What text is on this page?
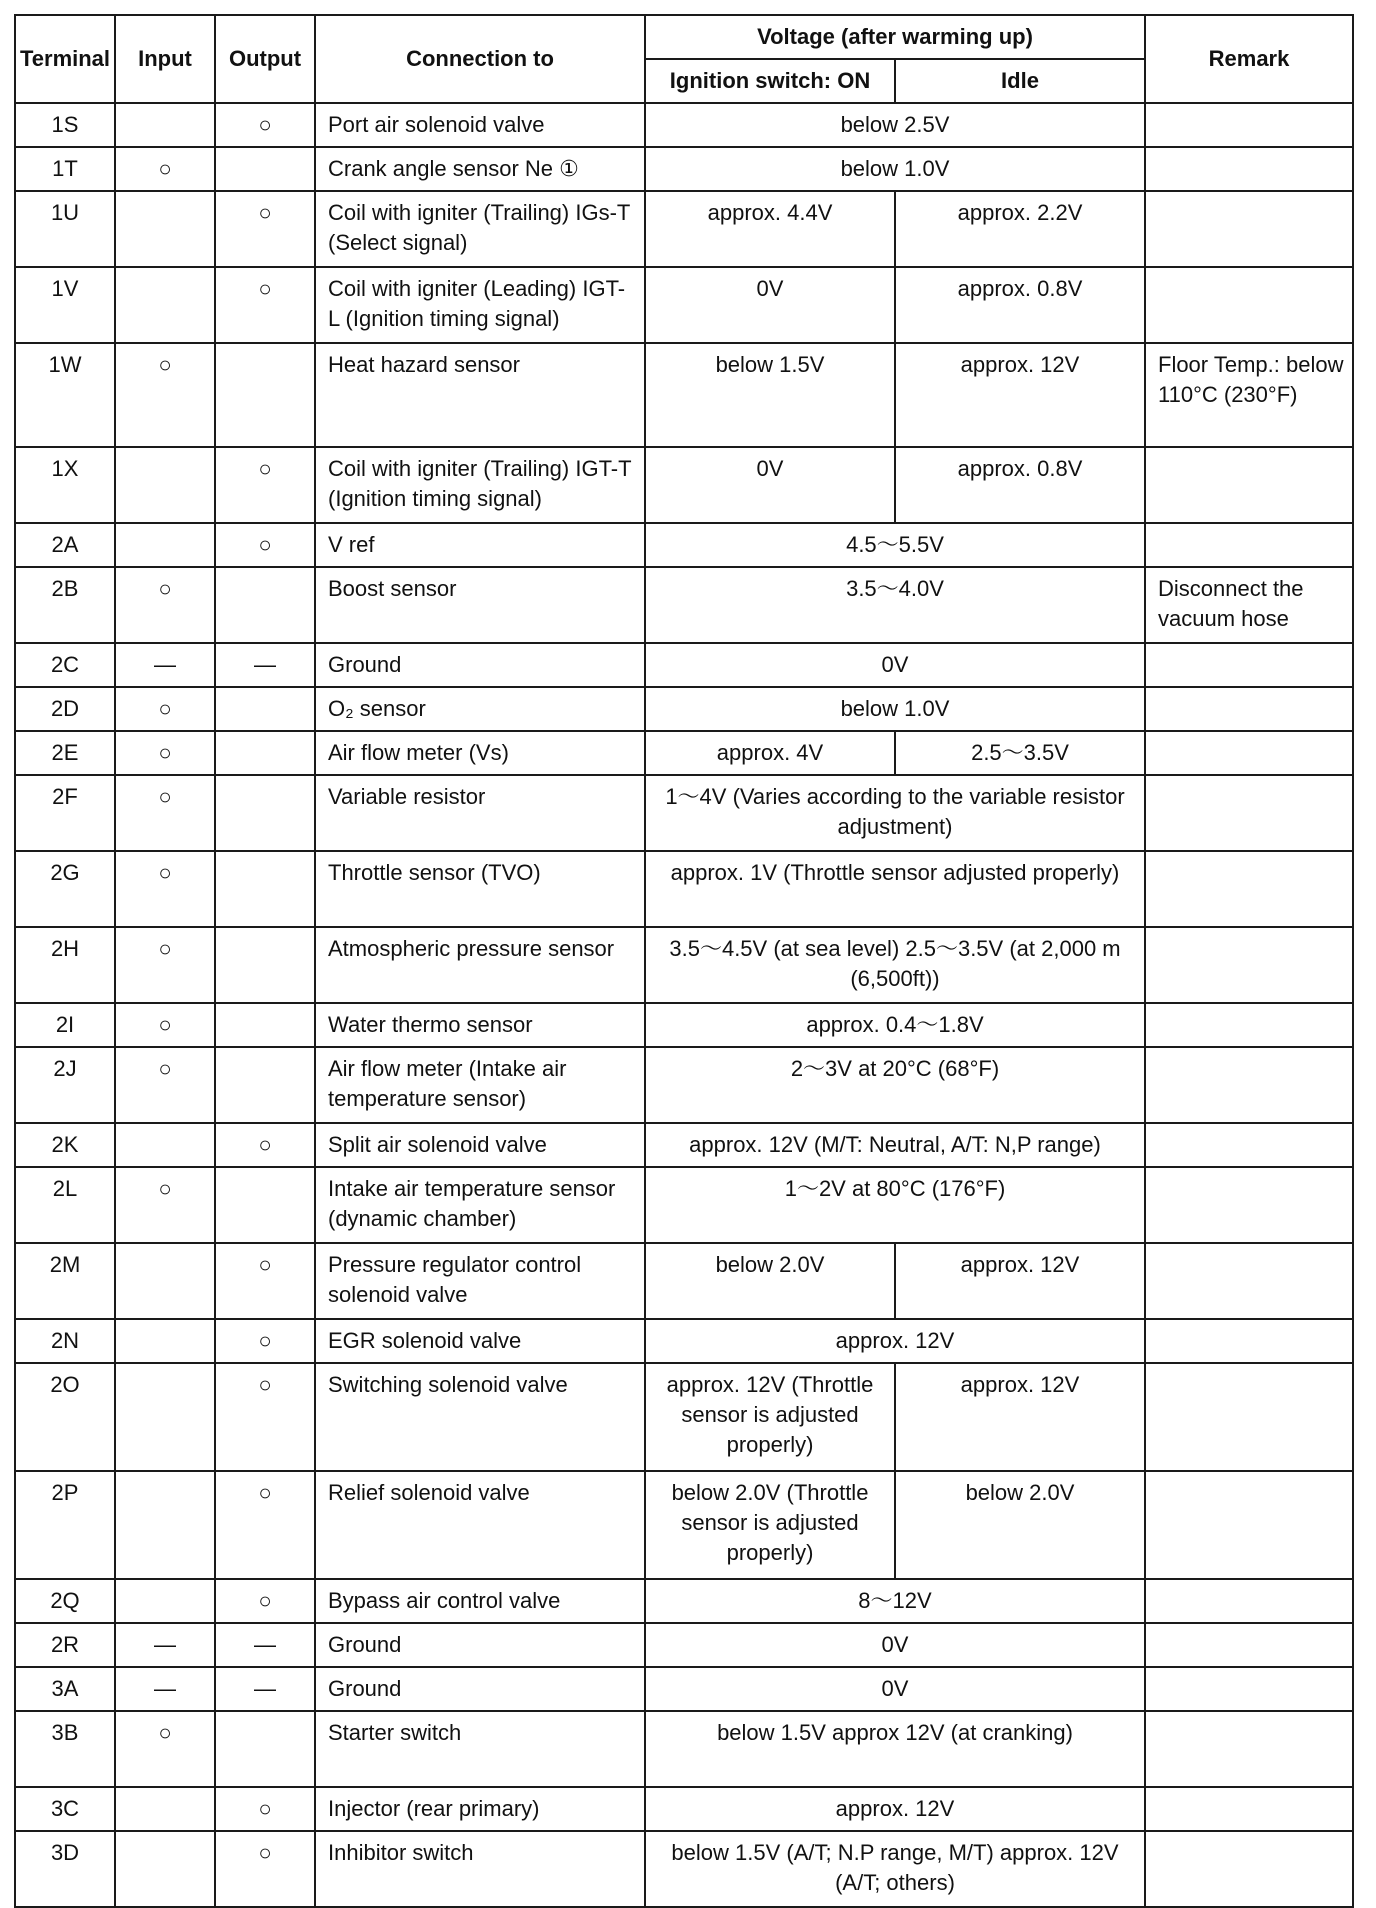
Terminal	Input	Output	Connection to	Voltage (after warming up)		Remark
				Ignition switch: ON	Idle	

1S		○	Port air solenoid valve	below 2.5V		

1T	○		Crank angle sensor Ne ①	below 1.0V		

1U		○	Coil with igniter (Trailing) IGs-T (Select signal)	approx. 4.4V	approx. 2.2V	

1V		○	Coil with igniter (Leading) IGT-L (Ignition timing signal)	0V	approx. 0.8V	

1W	○		Heat hazard sensor	below 1.5V	approx. 12V	Floor Temp.: below 110°C (230°F)

1X		○	Coil with igniter (Trailing) IGT-T (Ignition timing signal)	0V	approx. 0.8V	

2A		○	V ref	4.5～5.5V		

2B	○		Boost sensor	3.5～4.0V		Disconnect the vacuum hose

2C	—	—	Ground	0V		

2D	○		O₂ sensor	below 1.0V		

2E	○		Air flow meter (Vs)	approx. 4V	2.5～3.5V	

2F	○		Variable resistor	1～4V (Varies according to the variable resistor adjustment)		

2G	○		Throttle sensor (TVO)	approx. 1V (Throttle sensor adjusted properly)		

2H	○		Atmospheric pressure sensor	3.5～4.5V (at sea level) 2.5～3.5V (at 2,000 m (6,500ft))		

2I	○		Water thermo sensor	approx. 0.4～1.8V		

2J	○		Air flow meter (Intake air temperature sensor)	2～3V at 20°C (68°F)		

2K		○	Split air solenoid valve	approx. 12V (M/T: Neutral, A/T: N,P range)		

2L	○		Intake air temperature sensor (dynamic chamber)	1～2V at 80°C (176°F)		

2M		○	Pressure regulator control solenoid valve	below 2.0V	approx. 12V	

2N		○	EGR solenoid valve	approx. 12V		

2O		○	Switching solenoid valve	approx. 12V (Throttle sensor is adjusted properly)	approx. 12V	

2P		○	Relief solenoid valve	below 2.0V (Throttle sensor is adjusted properly)	below 2.0V	

2Q		○	Bypass air control valve	8～12V		

2R	—	—	Ground	0V		

3A	—	—	Ground	0V		

3B	○		Starter switch	below 1.5V approx 12V (at cranking)		

3C		○	Injector (rear primary)	approx. 12V		

3D		○	Inhibitor switch	below 1.5V (A/T; N.P range, M/T) approx. 12V (A/T; others)		
